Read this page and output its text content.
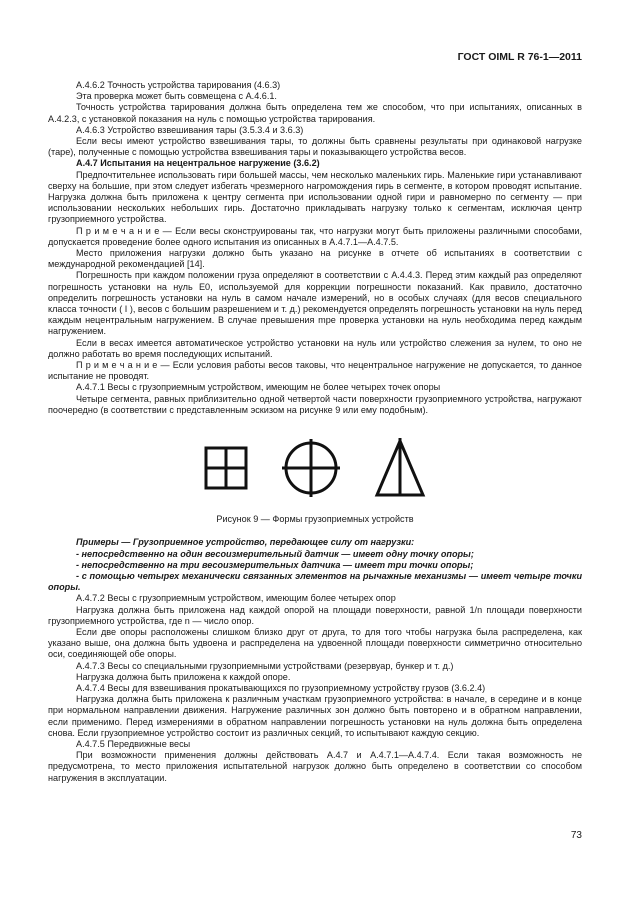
ГОСТ OIML R 76-1—2011

A.4.6.2 Точность устройства тарирования (4.6.3)

Эта проверка может быть совмещена с A.4.6.1.

Точность устройства тарирования должна быть определена тем же способом, что при испытаниях, описанных в A.4.2.3, с установкой показания на нуль с помощью устройства тарирования.

A.4.6.3 Устройство взвешивания тары (3.5.3.4 и 3.6.3)

Если весы имеют устройство взвешивания тары, то должны быть сравнены результаты при одинаковой нагрузке (таре), полученные с помощью устройства взвешивания тары и показывающего устройства весов.

A.4.7 Испытания на нецентральное нагружение (3.6.2)

Предпочтительнее использовать гири большей массы, чем несколько маленьких гирь. Маленькие гири устанавливают сверху на большие, при этом следует избегать чрезмерного нагромождения гирь в сегменте, в котором проводят испытание. Нагрузка должна быть приложена к центру сегмента при использовании одной гири и равномерно по сегменту — при использовании нескольких небольших гирь. Достаточно прикладывать нагрузку только к сегментам, исключая центр грузоприемного устройства.

П р и м е ч а н и е — Если весы сконструированы так, что нагрузки могут быть приложены различными способами, допускается проведение более одного испытания из описанных в A.4.7.1—A.4.7.5.

Место приложения нагрузки должно быть указано на рисунке в отчете об испытаниях в соответствии с международной рекомендацией [14].

Погрешность при каждом положении груза определяют в соответствии с A.4.4.3. Перед этим каждый раз определяют погрешность установки на нуль E0, используемой для коррекции погрешности показаний. Как правило, достаточно определить погрешность установки на нуль в самом начале измерений, но в особых случаях (для весов специального класса точности ( I ), весов с большим разрешением и т. д.) рекомендуется определять погрешность установки на нуль перед каждым нецентральным нагружением. В случае превышения mpe проверка установки на нуль необходима перед каждым нагружением.

Если в весах имеется автоматическое устройство установки на нуль или устройство слежения за нулем, то оно не должно работать во время последующих испытаний.

П р и м е ч а н и е — Если условия работы весов таковы, что нецентральное нагружение не допускается, то данное испытание не проводят.

A.4.7.1 Весы с грузоприемным устройством, имеющим не более четырех точек опоры

Четыре сегмента, равных приблизительно одной четвертой части поверхности грузоприемного устройства, нагружают поочередно (в соответствии с представленным эскизом на рисунке 9 или ему подобным).

Рисунок 9 — Формы грузоприемных устройств

Примеры — Грузоприемное устройство, передающее силу от нагрузки:

- непосредственно на один весоизмерительный датчик — имеет одну точку опоры;

- непосредственно на три весоизмерительных датчика — имеет три точки опоры;

- с помощью четырех механически связанных элементов на рычажные механизмы — имеет четыре точки опоры.

A.4.7.2 Весы с грузоприемным устройством, имеющим более четырех опор

Нагрузка должна быть приложена над каждой опорой на площади поверхности, равной 1/n площади поверхности грузоприемного устройства, где n — число опор.

Если две опоры расположены слишком близко друг от друга, то для того чтобы нагрузка была распределена, как указано выше, она должна быть удвоена и распределена на удвоенной площади поверхности симметрично относительно оси, соединяющей обе опоры.

A.4.7.3 Весы со специальными грузоприемными устройствами (резервуар, бункер и т. д.)

Нагрузка должна быть приложена к каждой опоре.

A.4.7.4 Весы для взвешивания прокатывающихся по грузоприемному устройству грузов (3.6.2.4)

Нагрузка должна быть приложена к различным участкам грузоприемного устройства: в начале, в середине и в конце при нормальном направлении движения. Нагружение различных зон должно быть повторено и в обратном направлении, если применимо. Перед измерениями в обратном направлении погрешность установки на нуль должна быть определена снова. Если грузоприемное устройство состоит из различных секций, то испытывают каждую секцию.

A.4.7.5 Передвижные весы

При возможности применения должны действовать A.4.7 и A.4.7.1—A.4.7.4. Если такая возможность не предусмотрена, то место приложения испытательной нагрузок должно быть определено в соответствии со способом нагружения в эксплуатации.

73
